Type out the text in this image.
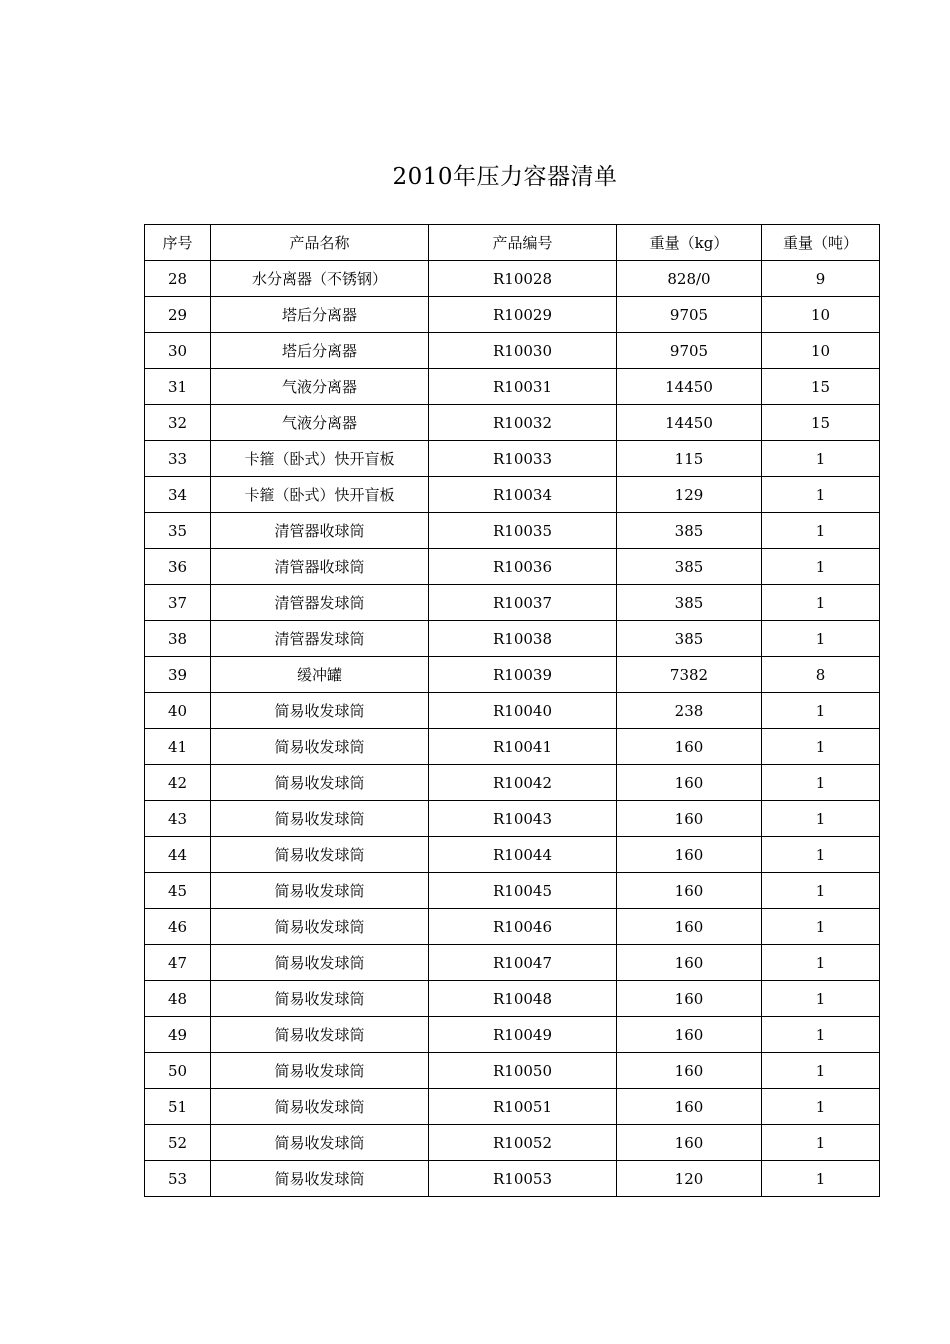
2010年压力容器清单
序号	产品名称	产品编号	重量（kg）	重量（吨）
28	水分离器（不锈钢）	R10028	828/0	9
29	塔后分离器	R10029	9705	10
30	塔后分离器	R10030	9705	10
31	气液分离器	R10031	14450	15
32	气液分离器	R10032	14450	15
33	卡箍（卧式）快开盲板	R10033	115	1
34	卡箍（卧式）快开盲板	R10034	129	1
35	清管器收球筒	R10035	385	1
36	清管器收球筒	R10036	385	1
37	清管器发球筒	R10037	385	1
38	清管器发球筒	R10038	385	1
39	缓冲罐	R10039	7382	8
40	简易收发球筒	R10040	238	1
41	简易收发球筒	R10041	160	1
42	简易收发球筒	R10042	160	1
43	简易收发球筒	R10043	160	1
44	简易收发球筒	R10044	160	1
45	简易收发球筒	R10045	160	1
46	简易收发球筒	R10046	160	1
47	简易收发球筒	R10047	160	1
48	简易收发球筒	R10048	160	1
49	简易收发球筒	R10049	160	1
50	简易收发球筒	R10050	160	1
51	简易收发球筒	R10051	160	1
52	简易收发球筒	R10052	160	1
53	简易收发球筒	R10053	120	1
